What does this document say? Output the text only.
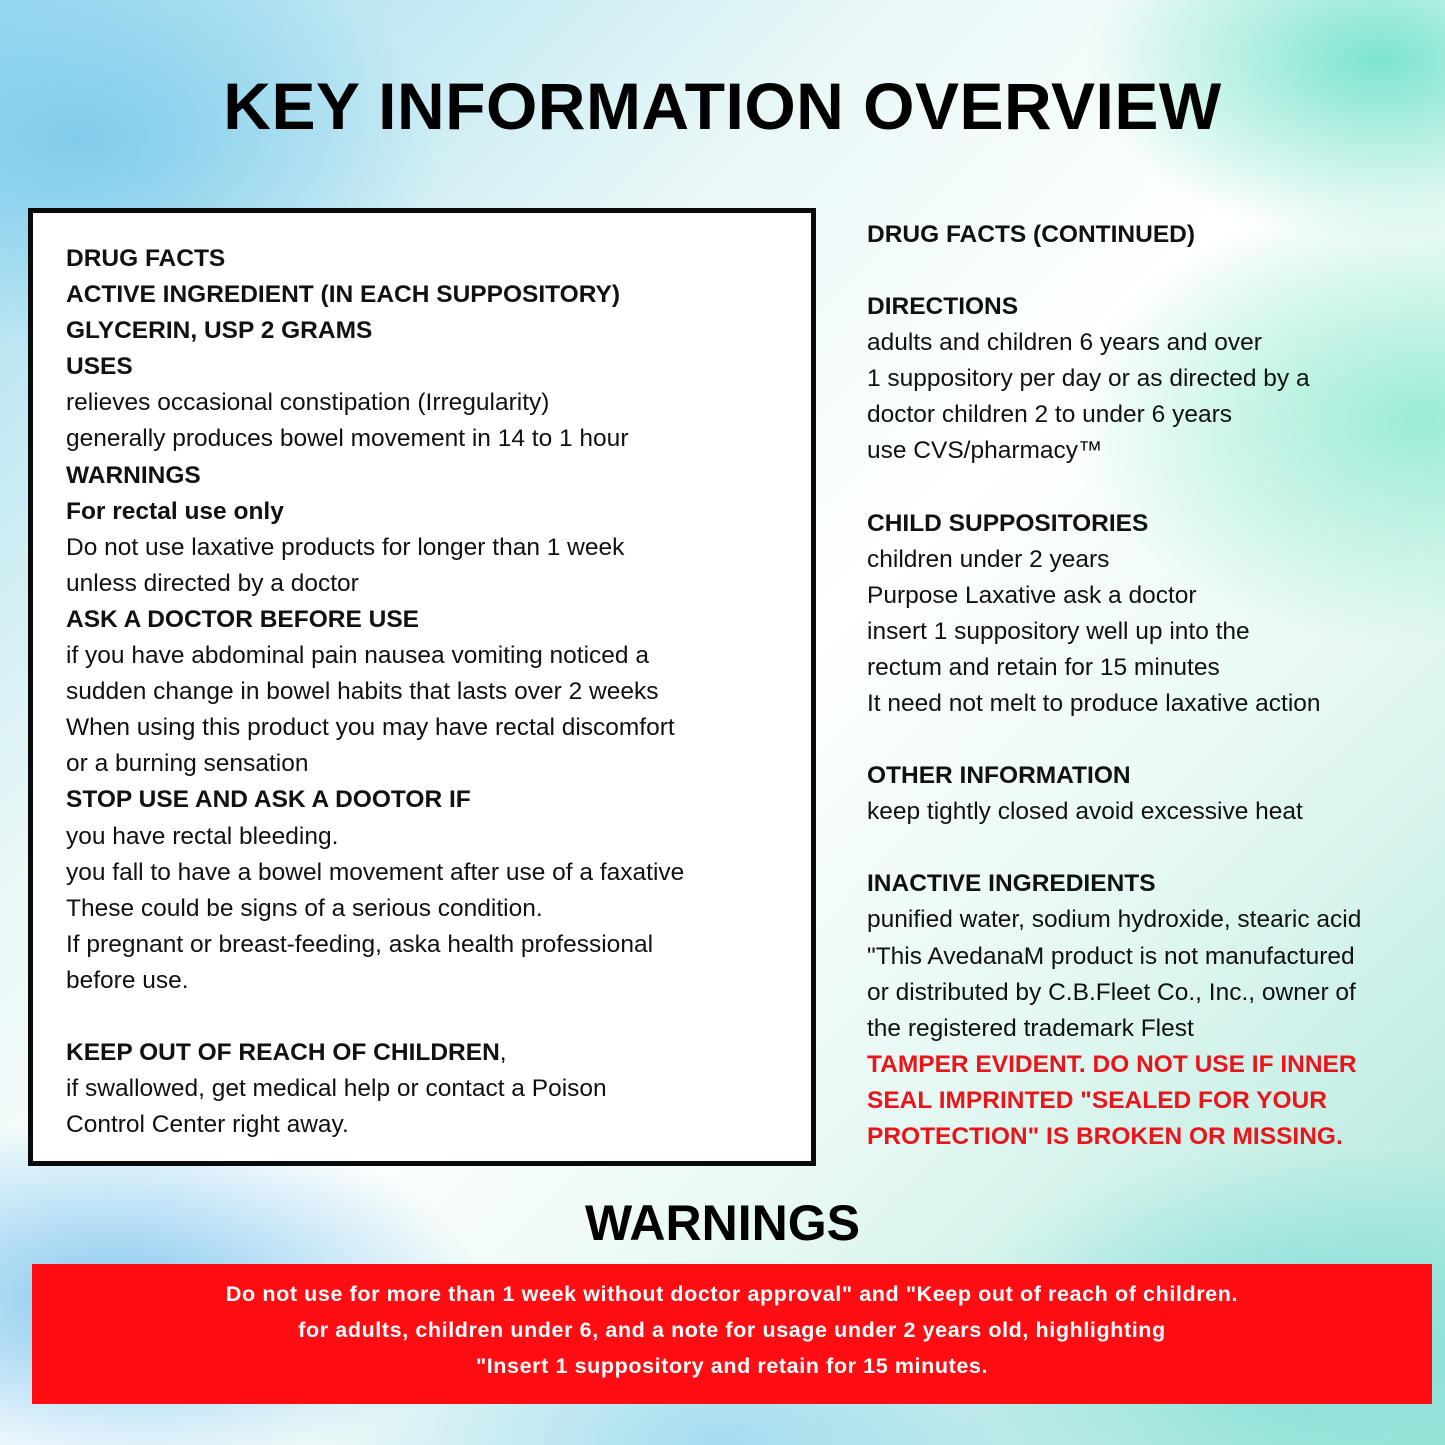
KEY INFORMATION OVERVIEW
DRUG FACTS
ACTIVE INGREDIENT (IN EACH SUPPOSITORY)
GLYCERIN, USP 2 GRAMS
USES
relieves occasional constipation (Irregularity)
generally produces bowel movement in 14 to 1 hour
WARNINGS
For rectal use only
Do not use laxative products for longer than 1 week
unless directed by a doctor
ASK A DOCTOR BEFORE USE
if you have abdominal pain nausea vomiting noticed a
sudden change in bowel habits that lasts over 2 weeks
When using this product you may have rectal discomfort
or a burning sensation
STOP USE AND ASK A DOOTOR IF
you have rectal bleeding.
you fall to have a bowel movement after use of a faxative
These could be signs of a serious condition.
If pregnant or breast-feeding, aska health professional
before use.
KEEP OUT OF REACH OF CHILDREN,
if swallowed, get medical help or contact a Poison
Control Center right away.
DRUG FACTS (CONTINUED)
DIRECTIONS
adults and children 6 years and over
1 suppository per day or as directed by a
doctor children 2 to under 6 years
use CVS/pharmacy™
CHILD SUPPOSITORIES
children under 2 years
Purpose Laxative ask a doctor
insert 1 suppository well up into the
rectum and retain for 15 minutes
It need not melt to produce laxative action
OTHER INFORMATION
keep tightly closed avoid excessive heat
INACTIVE INGREDIENTS
punified water, sodium hydroxide, stearic acid
"This AvedanaM product is not manufactured
or distributed by C.B.Fleet Co., Inc., owner of
the registered trademark Flest
TAMPER EVIDENT. DO NOT USE IF INNER
SEAL IMPRINTED "SEALED FOR YOUR
PROTECTION" IS BROKEN OR MISSING.
WARNINGS
Do not use for more than 1 week without doctor approval" and "Keep out of reach of children.
for adults, children under 6, and a note for usage under 2 years old, highlighting
"Insert 1 suppository and retain for 15 minutes.
